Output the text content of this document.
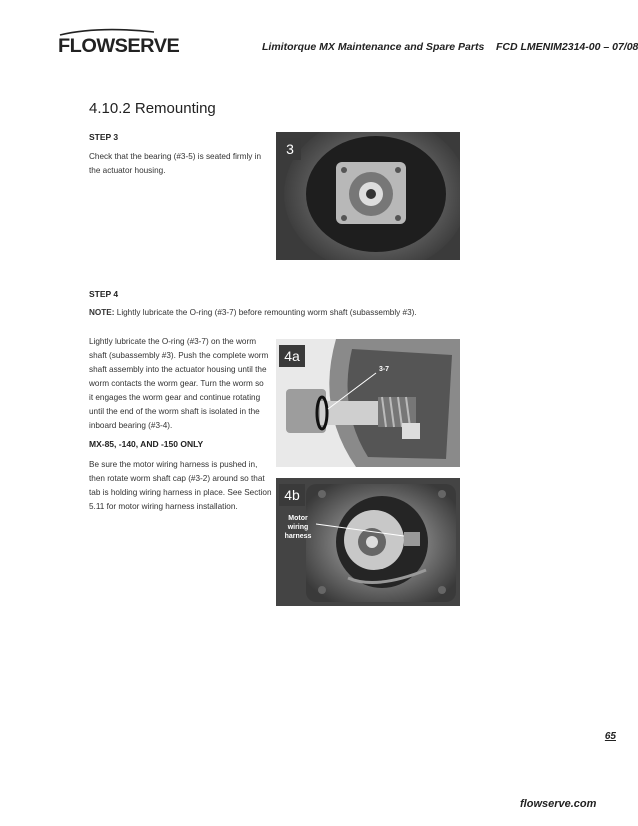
FLOWSERVE	Limitorque MX Maintenance and Spare Parts FCD LMENIM2314-00 – 07/08
4.10.2 Remounting
STEP 3
Check that the bearing (#3-5) is seated firmly in the actuator housing.
3
STEP 4
NOTE: Lightly lubricate the O-ring (#3-7) before remounting worm shaft (subassembly #3).
Lightly lubricate the O-ring (#3-7) on the worm shaft (subassembly #3). Push the complete worm shaft assembly into the actuator housing until the worm contacts the worm gear. Turn the worm so it engages the worm gear and continue rotating until the end of the worm shaft is isolated in the inboard bearing (#3-4).
MX-85, -140, AND -150 ONLY
Be sure the motor wiring harness is pushed in, then rotate worm shaft cap (#3-2) around so that tab is holding wiring harness in place. See Section 5.11 for motor wiring harness installation.
4a
3-7
4b
Motor wiring harness
65
flowserve.com
